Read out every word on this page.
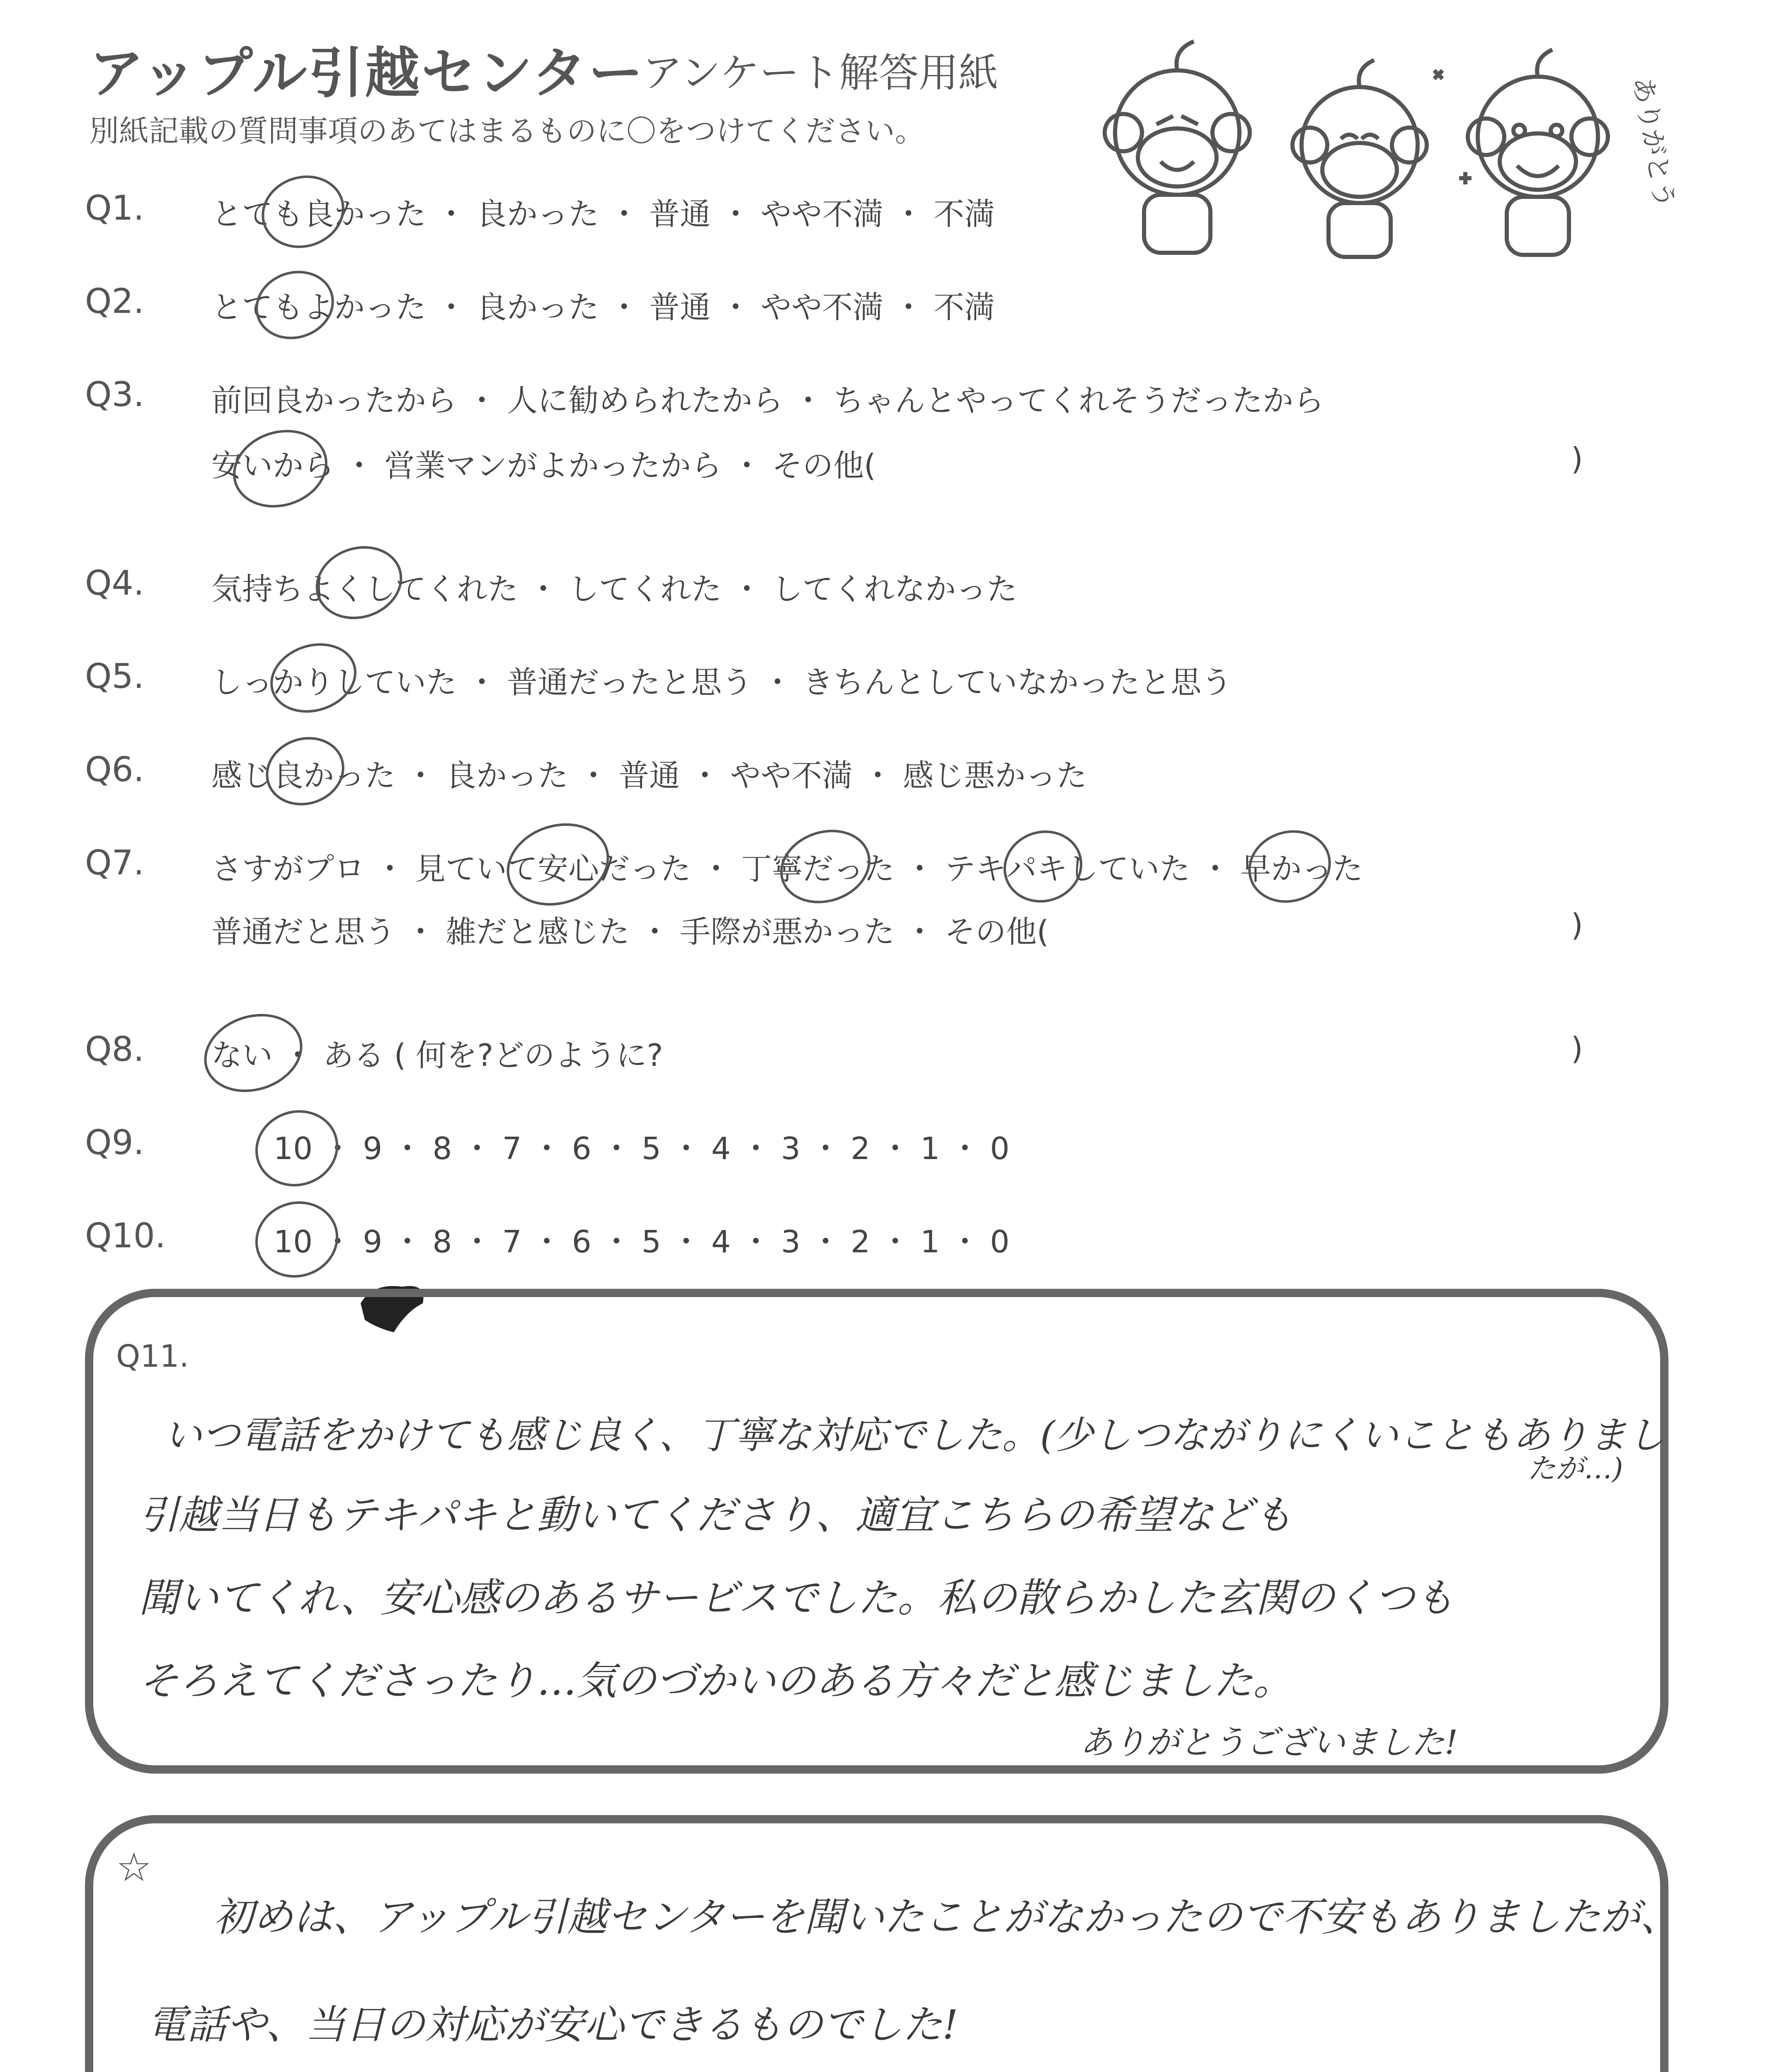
アップル引越センター
アンケート解答用紙
別紙記載の質問事項のあてはまるものに〇をつけてください。	ありがとう
Q1. とても良かった ・ 良かった ・ 普通 ・ やや不満 ・ 不満
Q2. とてもよかった ・ 良かった ・ 普通 ・ やや不満 ・ 不満
Q3. 前回良かったから ・ 人に勧められたから ・ ちゃんとやってくれそうだったから
安いから ・ 営業マンがよかったから ・ その他(	)
Q4. 気持ちよくしてくれた ・ してくれた ・ してくれなかった
Q5. しっかりしていた ・ 普通だったと思う ・ きちんとしていなかったと思う
Q6. 感じ良かった ・ 良かった ・ 普通 ・ やや不満 ・ 感じ悪かった
Q7. さすがプロ ・ 見ていて安心だった ・ 丁寧だった ・ テキパキしていた ・ 早かった
普通だと思う ・ 雑だと感じた ・ 手際が悪かった ・ その他(	)
Q8. ない ・ ある ( 何を?どのように?	)
Q9.	10 ・ 9 ・ 8 ・ 7 ・ 6 ・ 5 ・ 4 ・ 3 ・ 2 ・ 1 ・ 0
Q10.	10 ・ 9 ・ 8 ・ 7 ・ 6 ・ 5 ・ 4 ・ 3 ・ 2 ・ 1 ・ 0
Q11.
いつ電話をかけても感じ良く、丁寧な対応でした。(少しつながりにくいこともありまし
たが…)
引越当日もテキパキと動いてくださり、適宜こちらの希望なども
聞いてくれ、安心感のあるサービスでした。私の散らかした玄関のくつも
そろえてくださったり…気のづかいのある方々だと感じました。
ありがとうございました!
☆
初めは、アップル引越センターを聞いたことがなかったので不安もありましたが、
電話や、当日の対応が安心できるものでした!
